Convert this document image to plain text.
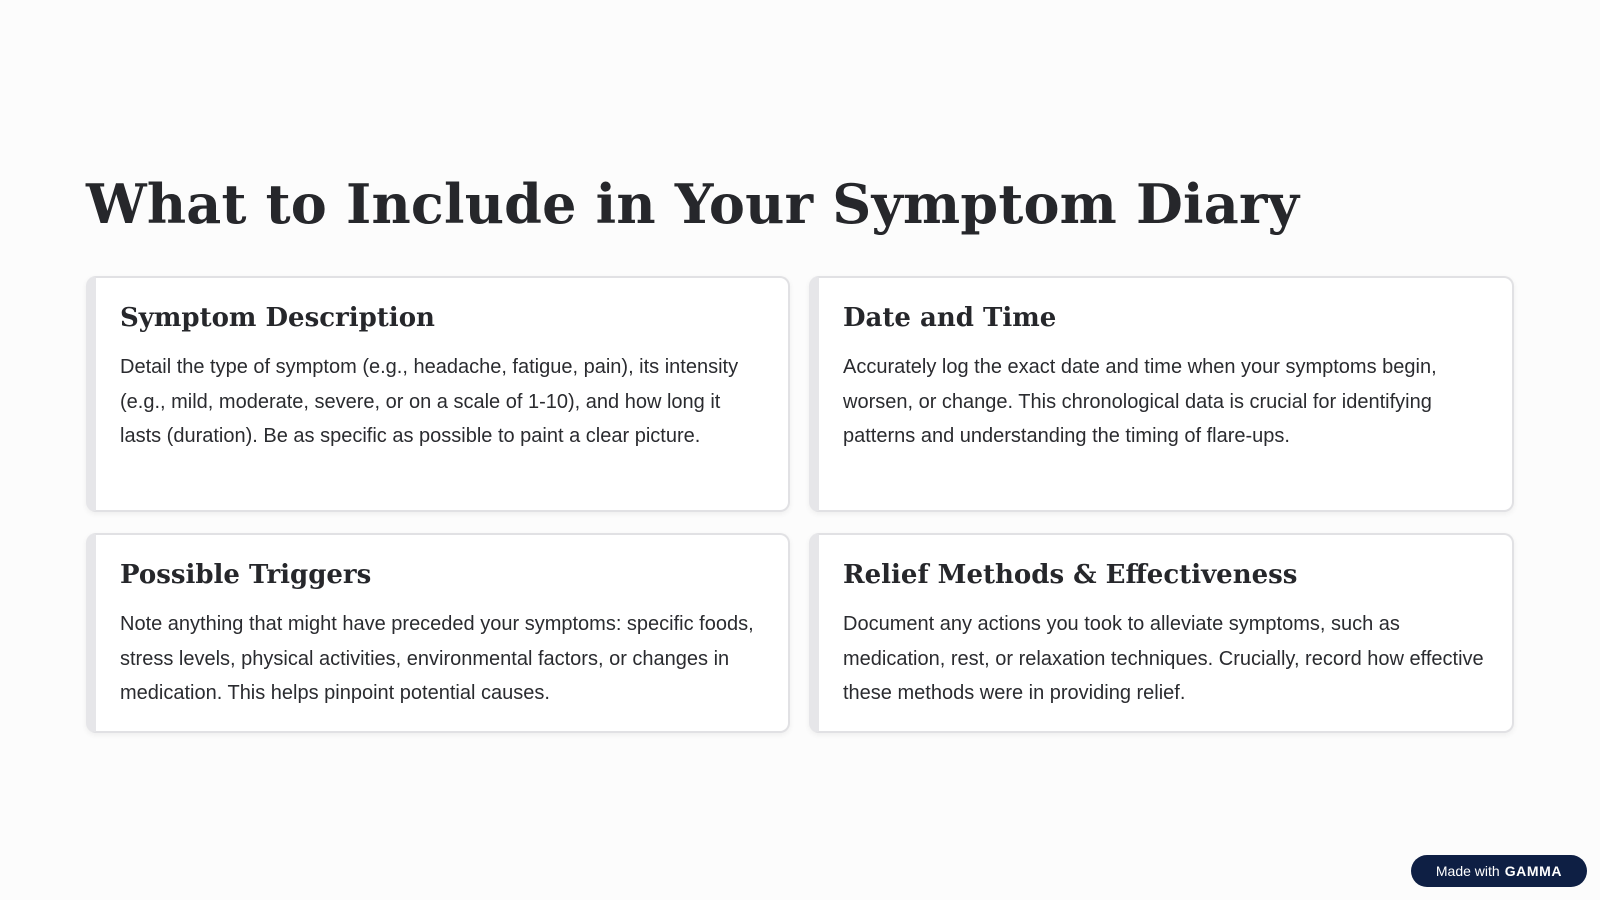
What to Include in Your Symptom Diary
Symptom Description

Detail the type of symptom (e.g., headache, fatigue, pain), its intensity (e.g., mild, moderate, severe, or on a scale of 1-10), and how long it lasts (duration). Be as specific as possible to paint a clear picture.

Date and Time

Accurately log the exact date and time when your symptoms begin, worsen, or change. This chronological data is crucial for identifying patterns and understanding the timing of flare-ups.

Possible Triggers

Note anything that might have preceded your symptoms: specific foods, stress levels, physical activities, environmental factors, or changes in medication. This helps pinpoint potential causes.

Relief Methods & Effectiveness

Document any actions you took to alleviate symptoms, such as medication, rest, or relaxation techniques. Crucially, record how effective these methods were in providing relief.

Made with GAMMA
